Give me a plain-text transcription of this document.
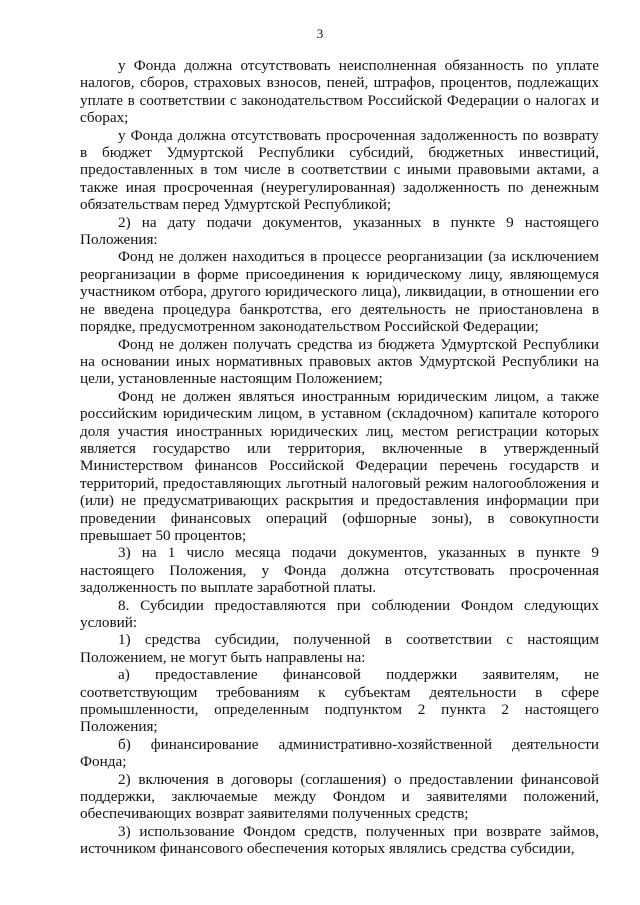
3

у Фонда должна отсутствовать неисполненная обязанность по уплате налогов, сборов, страховых взносов, пеней, штрафов, процентов, подлежащих уплате в соответствии с законодательством Российской Федерации о налогах и сборах;

у Фонда должна отсутствовать просроченная задолженность по возврату в бюджет Удмуртской Республики субсидий, бюджетных инвестиций, предоставленных в том числе в соответствии с иными правовыми актами, а также иная просроченная (неурегулированная) задолженность по денежным обязательствам перед Удмуртской Республикой;

2) на дату подачи документов, указанных в пункте 9 настоящего Положения:

Фонд не должен находиться в процессе реорганизации (за исключением реорганизации в форме присоединения к юридическому лицу, являющемуся участником отбора, другого юридического лица), ликвидации, в отношении его не введена процедура банкротства, его деятельность не приостановлена в порядке, предусмотренном законодательством Российской Федерации;

Фонд не должен получать средства из бюджета Удмуртской Республики на основании иных нормативных правовых актов Удмуртской Республики на цели, установленные настоящим Положением;

Фонд не должен являться иностранным юридическим лицом, а также российским юридическим лицом, в уставном (складочном) капитале которого доля участия иностранных юридических лиц, местом регистрации которых является государство или территория, включенные в утвержденный Министерством финансов Российской Федерации перечень государств и территорий, предоставляющих льготный налоговый режим налогообложения и (или) не предусматривающих раскрытия и предоставления информации при проведении финансовых операций (офшорные зоны), в совокупности превышает 50 процентов;

3) на 1 число месяца подачи документов, указанных в пункте 9 настоящего Положения, у Фонда должна отсутствовать просроченная задолженность по выплате заработной платы.

8. Субсидии предоставляются при соблюдении Фондом следующих условий:

1) средства субсидии, полученной в соответствии с настоящим Положением, не могут быть направлены на:

а) предоставление финансовой поддержки заявителям, не соответствующим требованиям к субъектам деятельности в сфере промышленности, определенным подпунктом 2 пункта 2 настоящего Положения;

б) финансирование административно-хозяйственной деятельности Фонда;

2) включения в договоры (соглашения) о предоставлении финансовой поддержки, заключаемые между Фондом и заявителями положений, обеспечивающих возврат заявителями полученных средств;

3) использование Фондом средств, полученных при возврате займов, источником финансового обеспечения которых являлись средства субсидии,
